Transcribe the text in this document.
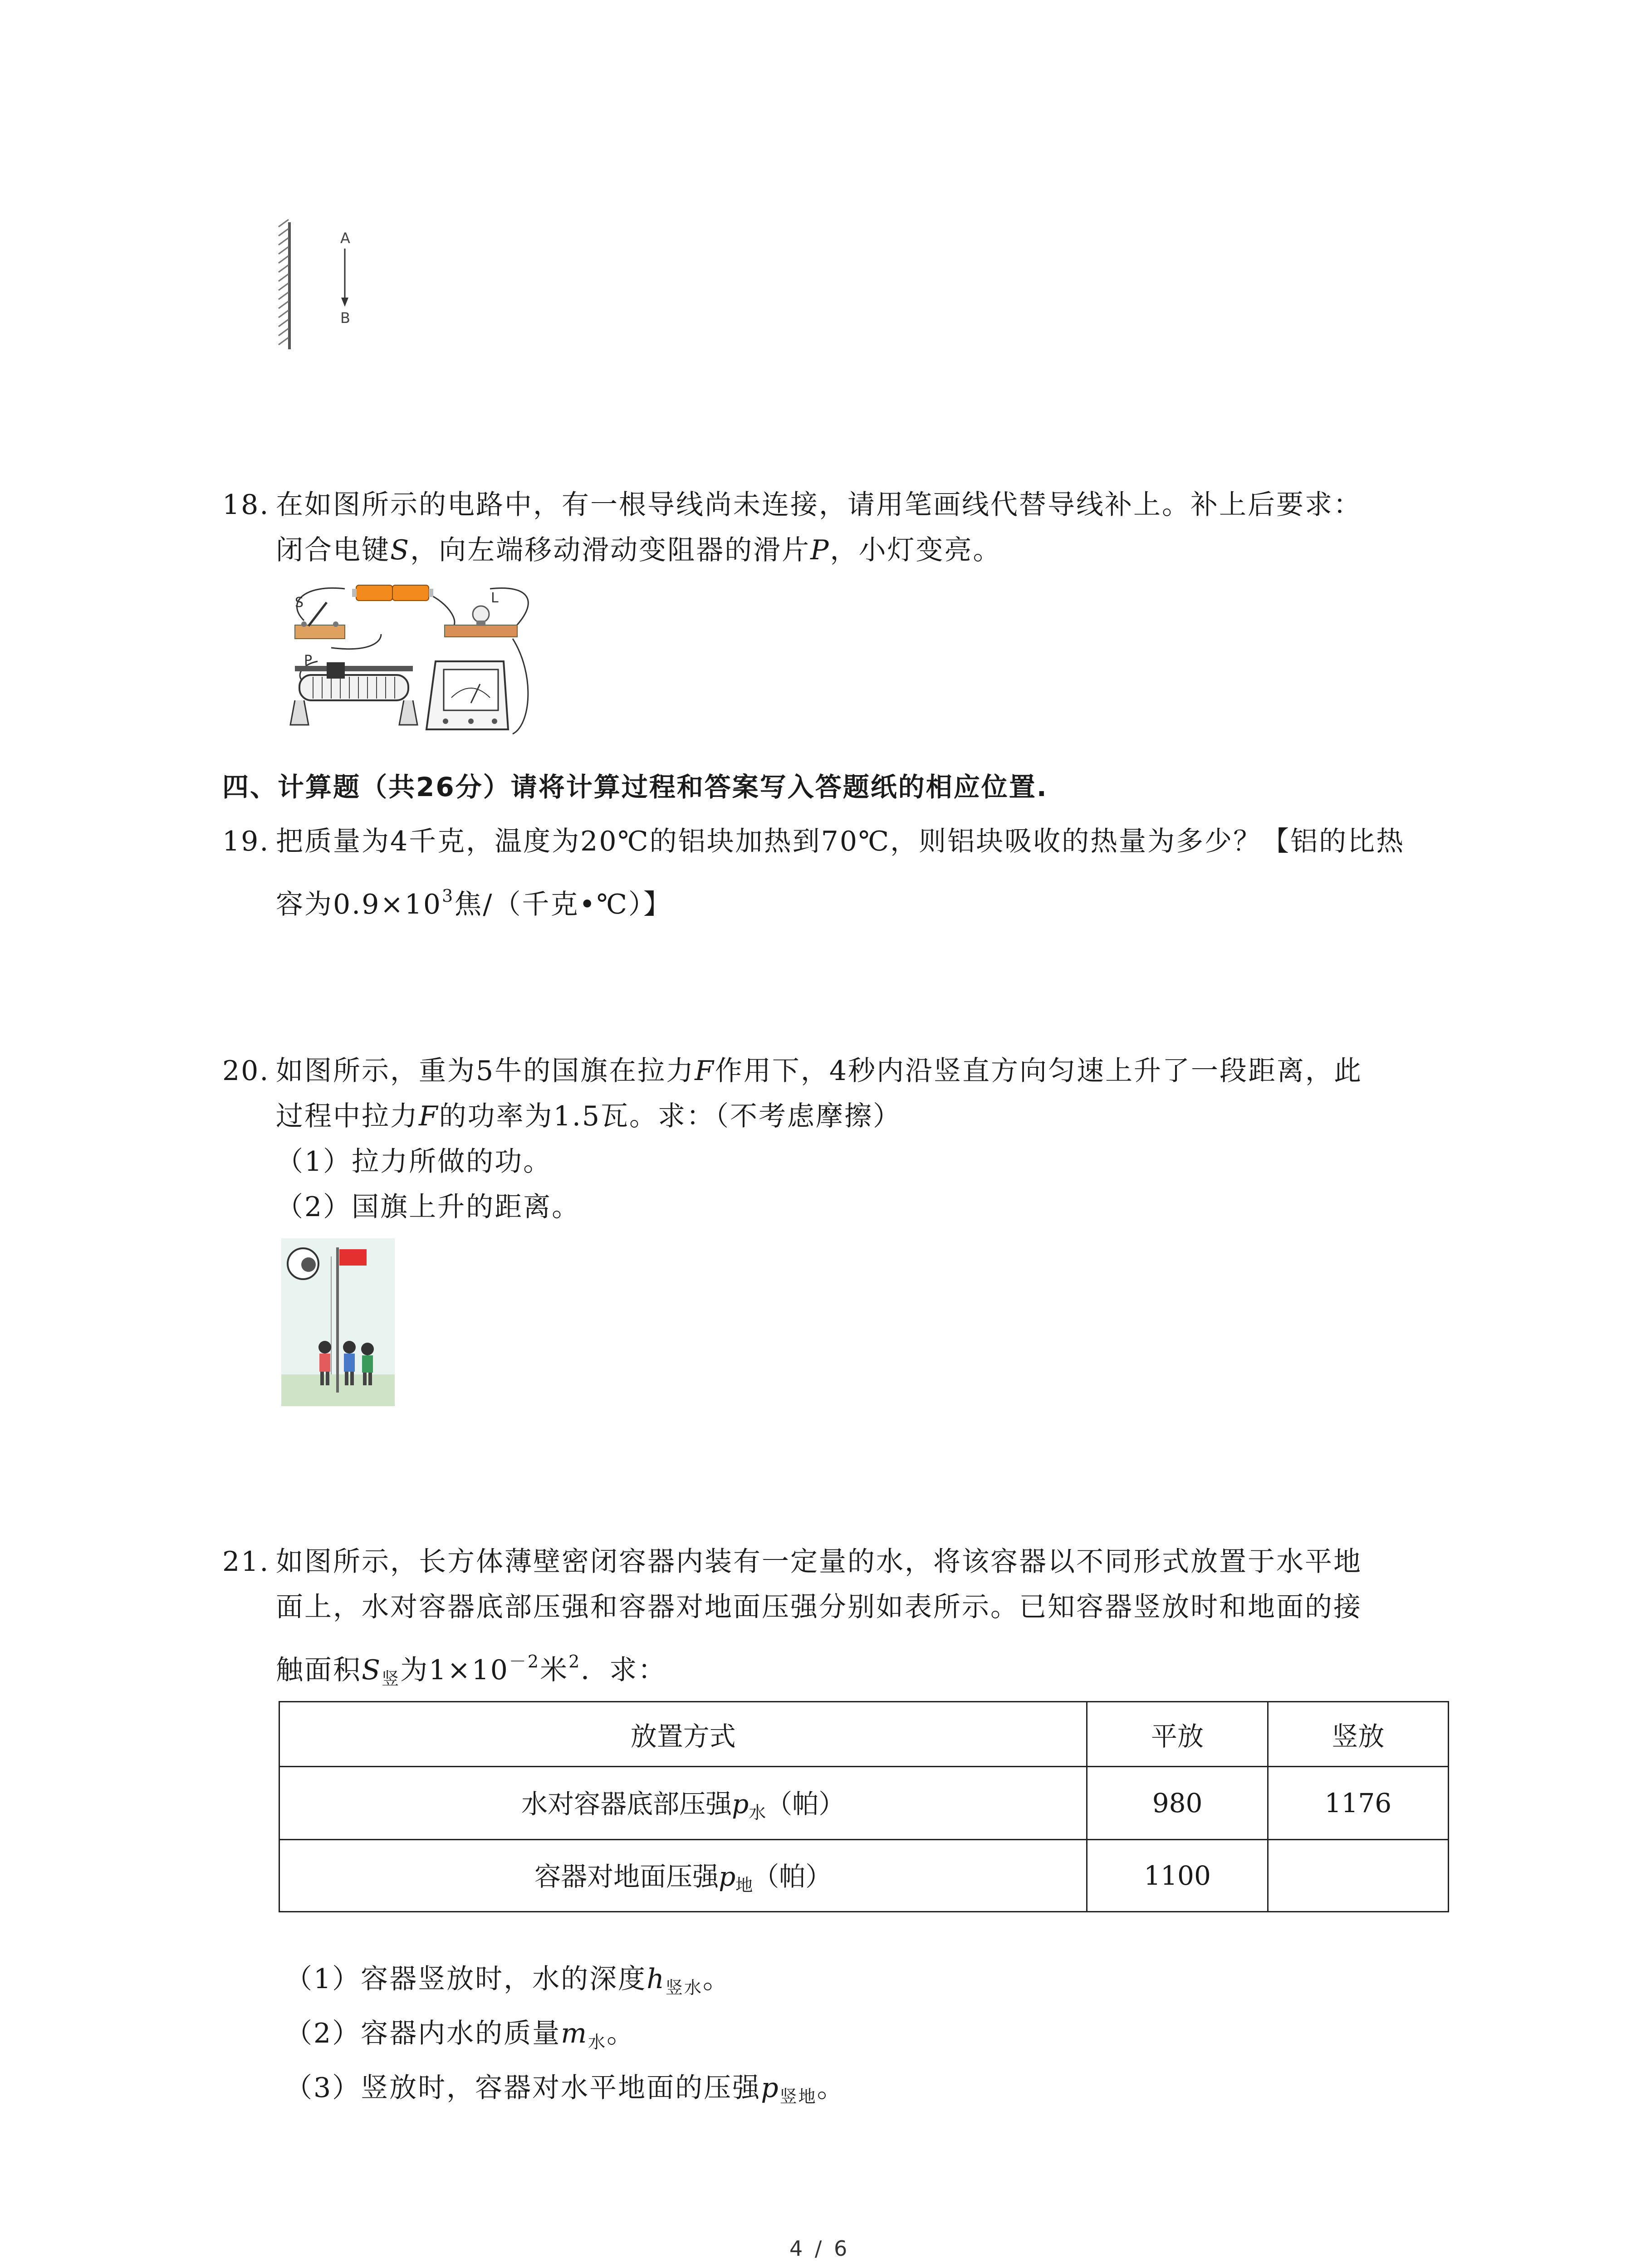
A
B
18. 在如图所示的电路中，有一根导线尚未连接，请用笔画线代替导线补上。补上后要求：
闭合电键S，向左端移动滑动变阻器的滑片P，小灯变亮。
S	L
P
四、计算题（共26分）请将计算过程和答案写入答题纸的相应位置.
19. 把质量为4千克，温度为20℃的铝块加热到70℃，则铝块吸收的热量为多少？【铝的比热
容为$0.9\times 10^3$焦/（千克•℃）】
20. 如图所示，重为5牛的国旗在拉力F作用下，4秒内沿竖直方向匀速上升了一段距离，此
过程中拉力F的功率为1.5瓦。求：（不考虑摩擦）
（1）拉力所做的功。
（2）国旗上升的距离。
21. 如图所示，长方体薄壁密闭容器内装有一定量的水，将该容器以不同形式放置于水平地
面上，水对容器底部压强和容器对地面压强分别如表所示。已知容器竖放时和地面的接
触面积$S_竖$为$1\times 10^{-2}$米$^2$．求：
放置方式	平放	竖放
水对容器底部压强$p_水$（帕）	980	1176
容器对地面压强$p_地$（帕）	1100	
（1）容器竖放时，水的深度$h_{竖水}$。
（2）容器内水的质量$m_水$。
（3）竖放时，容器对水平地面的压强$p_{竖地}$。
4 / 6
